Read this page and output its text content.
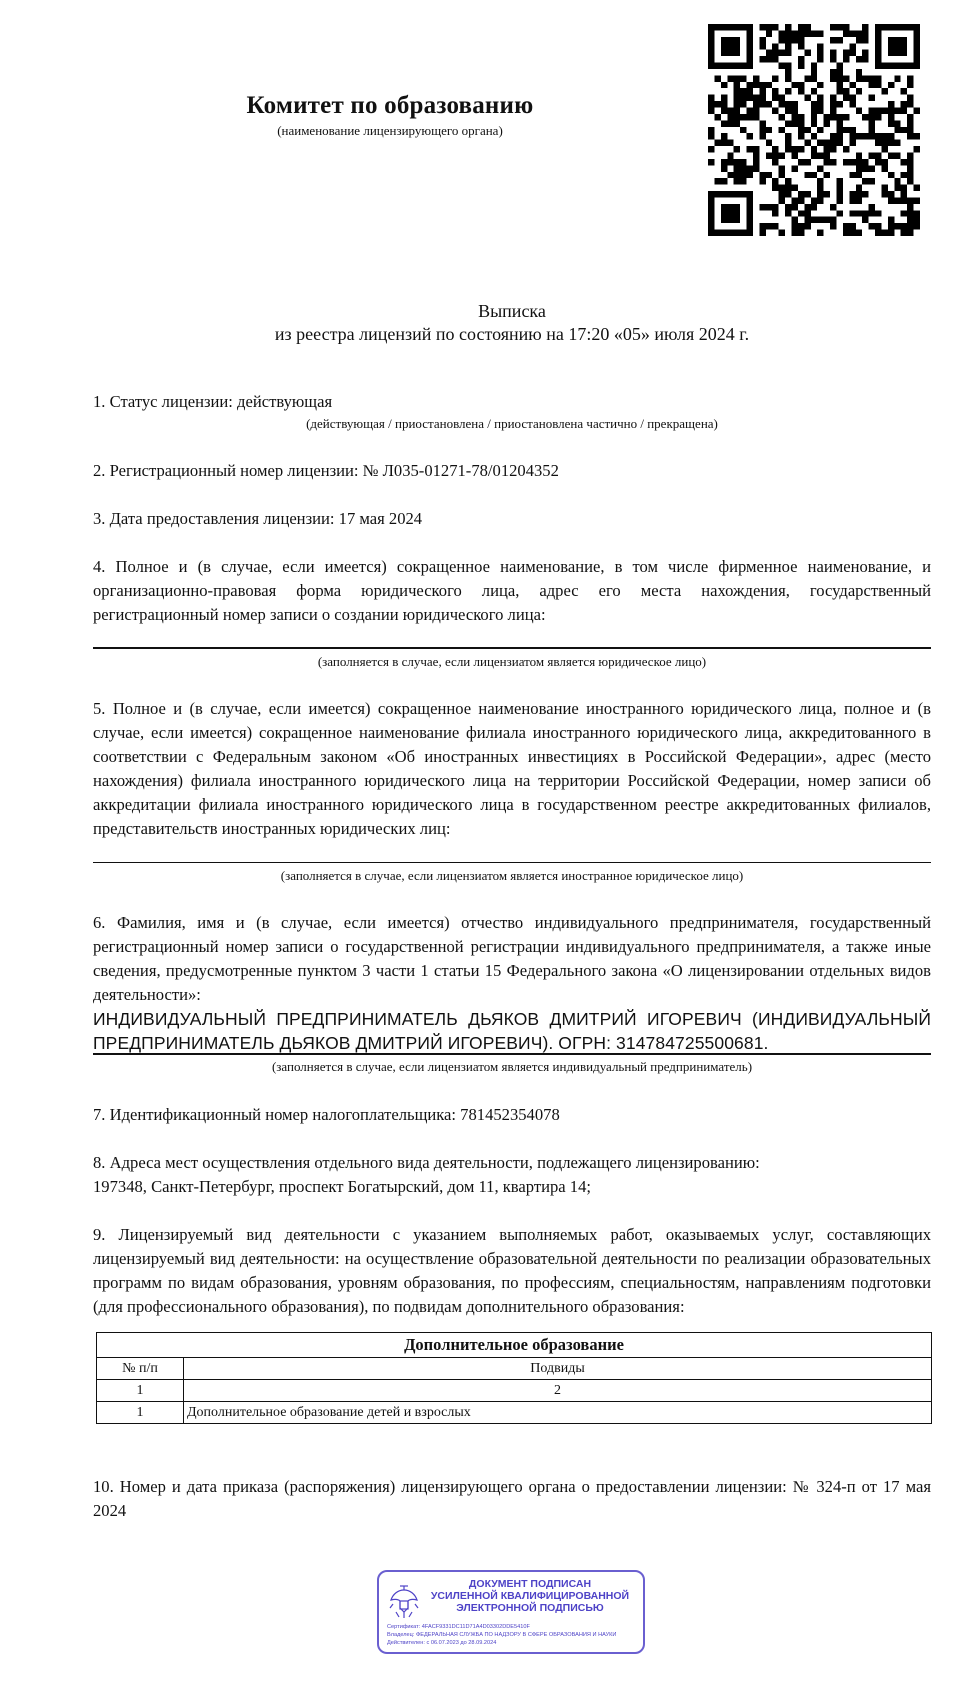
Комитет по образованию
(наименование лицензирующего органа)
Выписка
из реестра лицензий по состоянию на 17:20 «05» июля 2024 г.
1. Статус лицензии: действующая
(действующая / приостановлена / приостановлена частично / прекращена)
2. Регистрационный номер лицензии: № Л035-01271-78/01204352
3. Дата предоставления лицензии: 17 мая 2024
4. Полное и (в случае, если имеется) сокращенное наименование, в том числе фирменное наименование, и организационно-правовая форма юридического лица, адрес его места нахождения, государственный регистрационный номер записи о создании юридического лица:
(заполняется в случае, если лицензиатом является юридическое лицо)
5. Полное и (в случае, если имеется) сокращенное наименование иностранного юридического лица, полное и (в случае, если имеется) сокращенное наименование филиала иностранного юридического лица, аккредитованного в соответствии с Федеральным законом «Об иностранных инвестициях в Российской Федерации», адрес (место нахождения) филиала иностранного юридического лица на территории Российской Федерации, номер записи об аккредитации филиала иностранного юридического лица в государственном реестре аккредитованных филиалов, представительств иностранных юридических лиц:
(заполняется в случае, если лицензиатом является иностранное юридическое лицо)
6. Фамилия, имя и (в случае, если имеется) отчество индивидуального предпринимателя, государственный регистрационный номер записи о государственной регистрации индивидуального предпринимателя, а также иные сведения, предусмотренные пунктом 3 части 1 статьи 15 Федерального закона «О лицензировании отдельных видов деятельности»:
ИНДИВИДУАЛЬНЫЙ ПРЕДПРИНИМАТЕЛЬ ДЬЯКОВ ДМИТРИЙ ИГОРЕВИЧ (ИНДИВИДУАЛЬНЫЙ ПРЕДПРИНИМАТЕЛЬ ДЬЯКОВ ДМИТРИЙ ИГОРЕВИЧ). ОГРН: 314784725500681.
(заполняется в случае, если лицензиатом является индивидуальный предприниматель)
7. Идентификационный номер налогоплательщика: 781452354078
8. Адреса мест осуществления отдельного вида деятельности, подлежащего лицензированию:
197348, Санкт-Петербург, проспект Богатырский, дом 11, квартира 14;
9. Лицензируемый вид деятельности с указанием выполняемых работ, оказываемых услуг, составляющих лицензируемый вид деятельности: на осуществление образовательной деятельности по реализации образовательных программ по видам образования, уровням образования, по профессиям, специальностям, направлениям подготовки (для профессионального образования), по подвидам дополнительного образования:
Дополнительное образование	
№ п/п	Подвиды
1	2
1	Дополнительное образование детей и взрослых
10. Номер и дата приказа (распоряжения) лицензирующего органа о предоставлении лицензии: № 324-п от 17 мая 2024
ДОКУМЕНТ ПОДПИСАН
УСИЛЕННОЙ КВАЛИФИЦИРОВАННОЙ
ЭЛЕКТРОННОЙ ПОДПИСЬЮ
Сертификат: 4FACF9331DC11D71A4D03302DDE5410F
Владелец: ФЕДЕРАЛЬНАЯ СЛУЖБА ПО НАДЗОРУ В СФЕРЕ ОБРАЗОВАНИЯ И НАУКИ
Действителен: с 06.07.2023 до 28.09.2024
